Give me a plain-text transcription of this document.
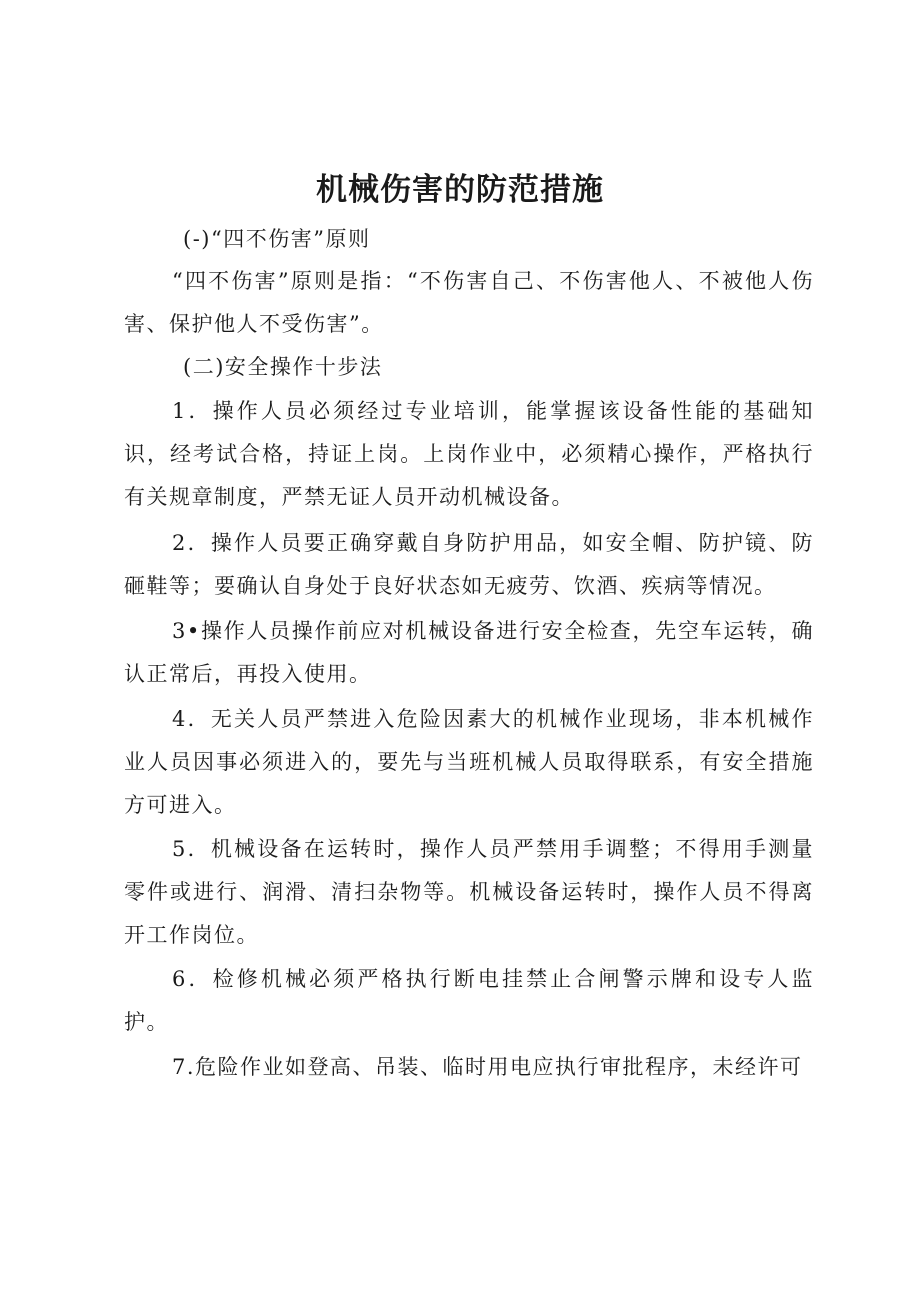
机械伤害的防范措施

(-)“四不伤害”原则

“四不伤害”原则是指：“不伤害自己、不伤害他人、不被他人伤害、保护他人不受伤害”。

(二)安全操作十步法

1．操作人员必须经过专业培训，能掌握该设备性能的基础知识，经考试合格，持证上岗。上岗作业中，必须精心操作，严格执行有关规章制度，严禁无证人员开动机械设备。

2．操作人员要正确穿戴自身防护用品，如安全帽、防护镜、防砸鞋等；要确认自身处于良好状态如无疲劳、饮酒、疾病等情况。

3•操作人员操作前应对机械设备进行安全检查，先空车运转，确认正常后，再投入使用。

4．无关人员严禁进入危险因素大的机械作业现场，非本机械作业人员因事必须进入的，要先与当班机械人员取得联系，有安全措施方可进入。

5．机械设备在运转时，操作人员严禁用手调整；不得用手测量零件或进行、润滑、清扫杂物等。机械设备运转时，操作人员不得离开工作岗位。

6．检修机械必须严格执行断电挂禁止合闸警示牌和设专人监护。

7.危险作业如登高、吊装、临时用电应执行审批程序，未经许可
